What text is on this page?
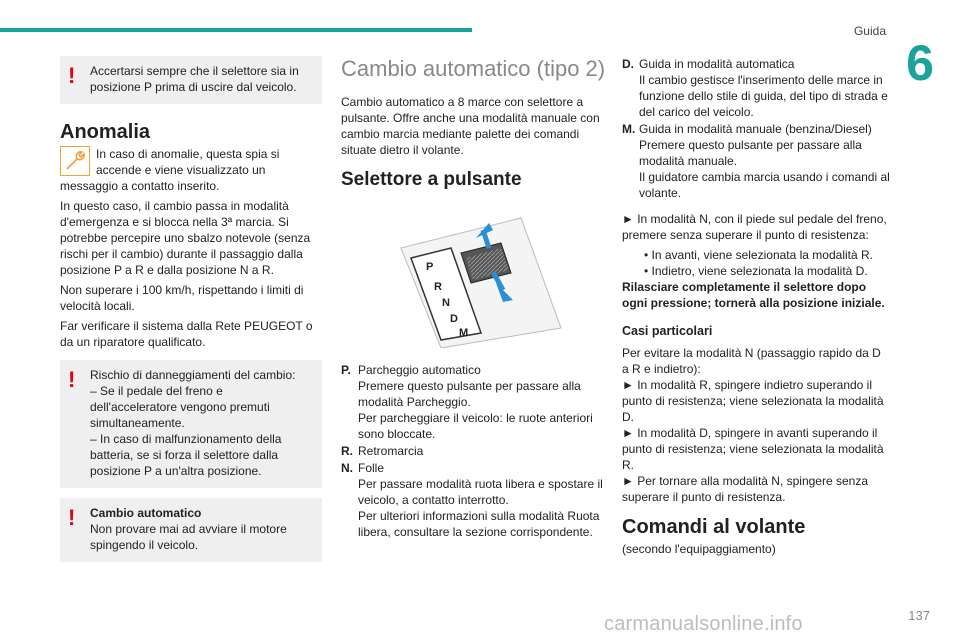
Guida
6
! Accertarsi sempre che il selettore sia in posizione P prima di uscire dal veicolo.

Anomalia

In caso di anomalie, questa spia si accende e viene visualizzato un messaggio a contatto inserito.

In questo caso, il cambio passa in modalità d'emergenza e si blocca nella 3ª marcia. Si potrebbe percepire uno sbalzo notevole (senza rischi per il cambio) durante il passaggio dalla posizione P a R e dalla posizione N a R.

Non superare i 100 km/h, rispettando i limiti di velocità locali.

Far verificare il sistema dalla Rete PEUGEOT o da un riparatore qualificato.

! Rischio di danneggiamenti del cambio:

– Se il pedale del freno e dell'acceleratore vengono premuti simultaneamente.

– In caso di malfunzionamento della batteria, se si forza il selettore dalla posizione P a un'altra posizione.

! Cambio automatico

Non provare mai ad avviare il motore spingendo il veicolo.

Cambio automatico (tipo 2)

Cambio automatico a 8 marce con selettore a pulsante. Offre anche una modalità manuale con cambio marcia mediante palette dei comandi situate dietro il volante.

Selettore a pulsante
P
R
N
D
M
P. Parcheggio automatico

Premere questo pulsante per passare alla modalità Parcheggio.

Per parcheggiare il veicolo: le ruote anteriori sono bloccate.

R. Retromarcia

N. Folle

Per passare modalità ruota libera e spostare il veicolo, a contatto interrotto.

Per ulteriori informazioni sulla modalità Ruota libera, consultare la sezione corrispondente.

D. Guida in modalità automatica

Il cambio gestisce l'inserimento delle marce in funzione dello stile di guida, del tipo di strada e del carico del veicolo.

M. Guida in modalità manuale (benzina/Diesel)

Premere questo pulsante per passare alla modalità manuale.

Il guidatore cambia marcia usando i comandi al volante.

► In modalità N, con il piede sul pedale del freno, premere senza superare il punto di resistenza:

• In avanti, viene selezionata la modalità R.

• Indietro, viene selezionata la modalità D.

Rilasciare completamente il selettore dopo ogni pressione; tornerà alla posizione iniziale.

Casi particolari

Per evitare la modalità N (passaggio rapido da D a R e indietro):

► In modalità R, spingere indietro superando il punto di resistenza; viene selezionata la modalità D.

► In modalità D, spingere in avanti superando il punto di resistenza; viene selezionata la modalità R.

► Per tornare alla modalità N, spingere senza superare il punto di resistenza.

Comandi al volante

(secondo l'equipaggiamento)

137
carmanualsonline.info
